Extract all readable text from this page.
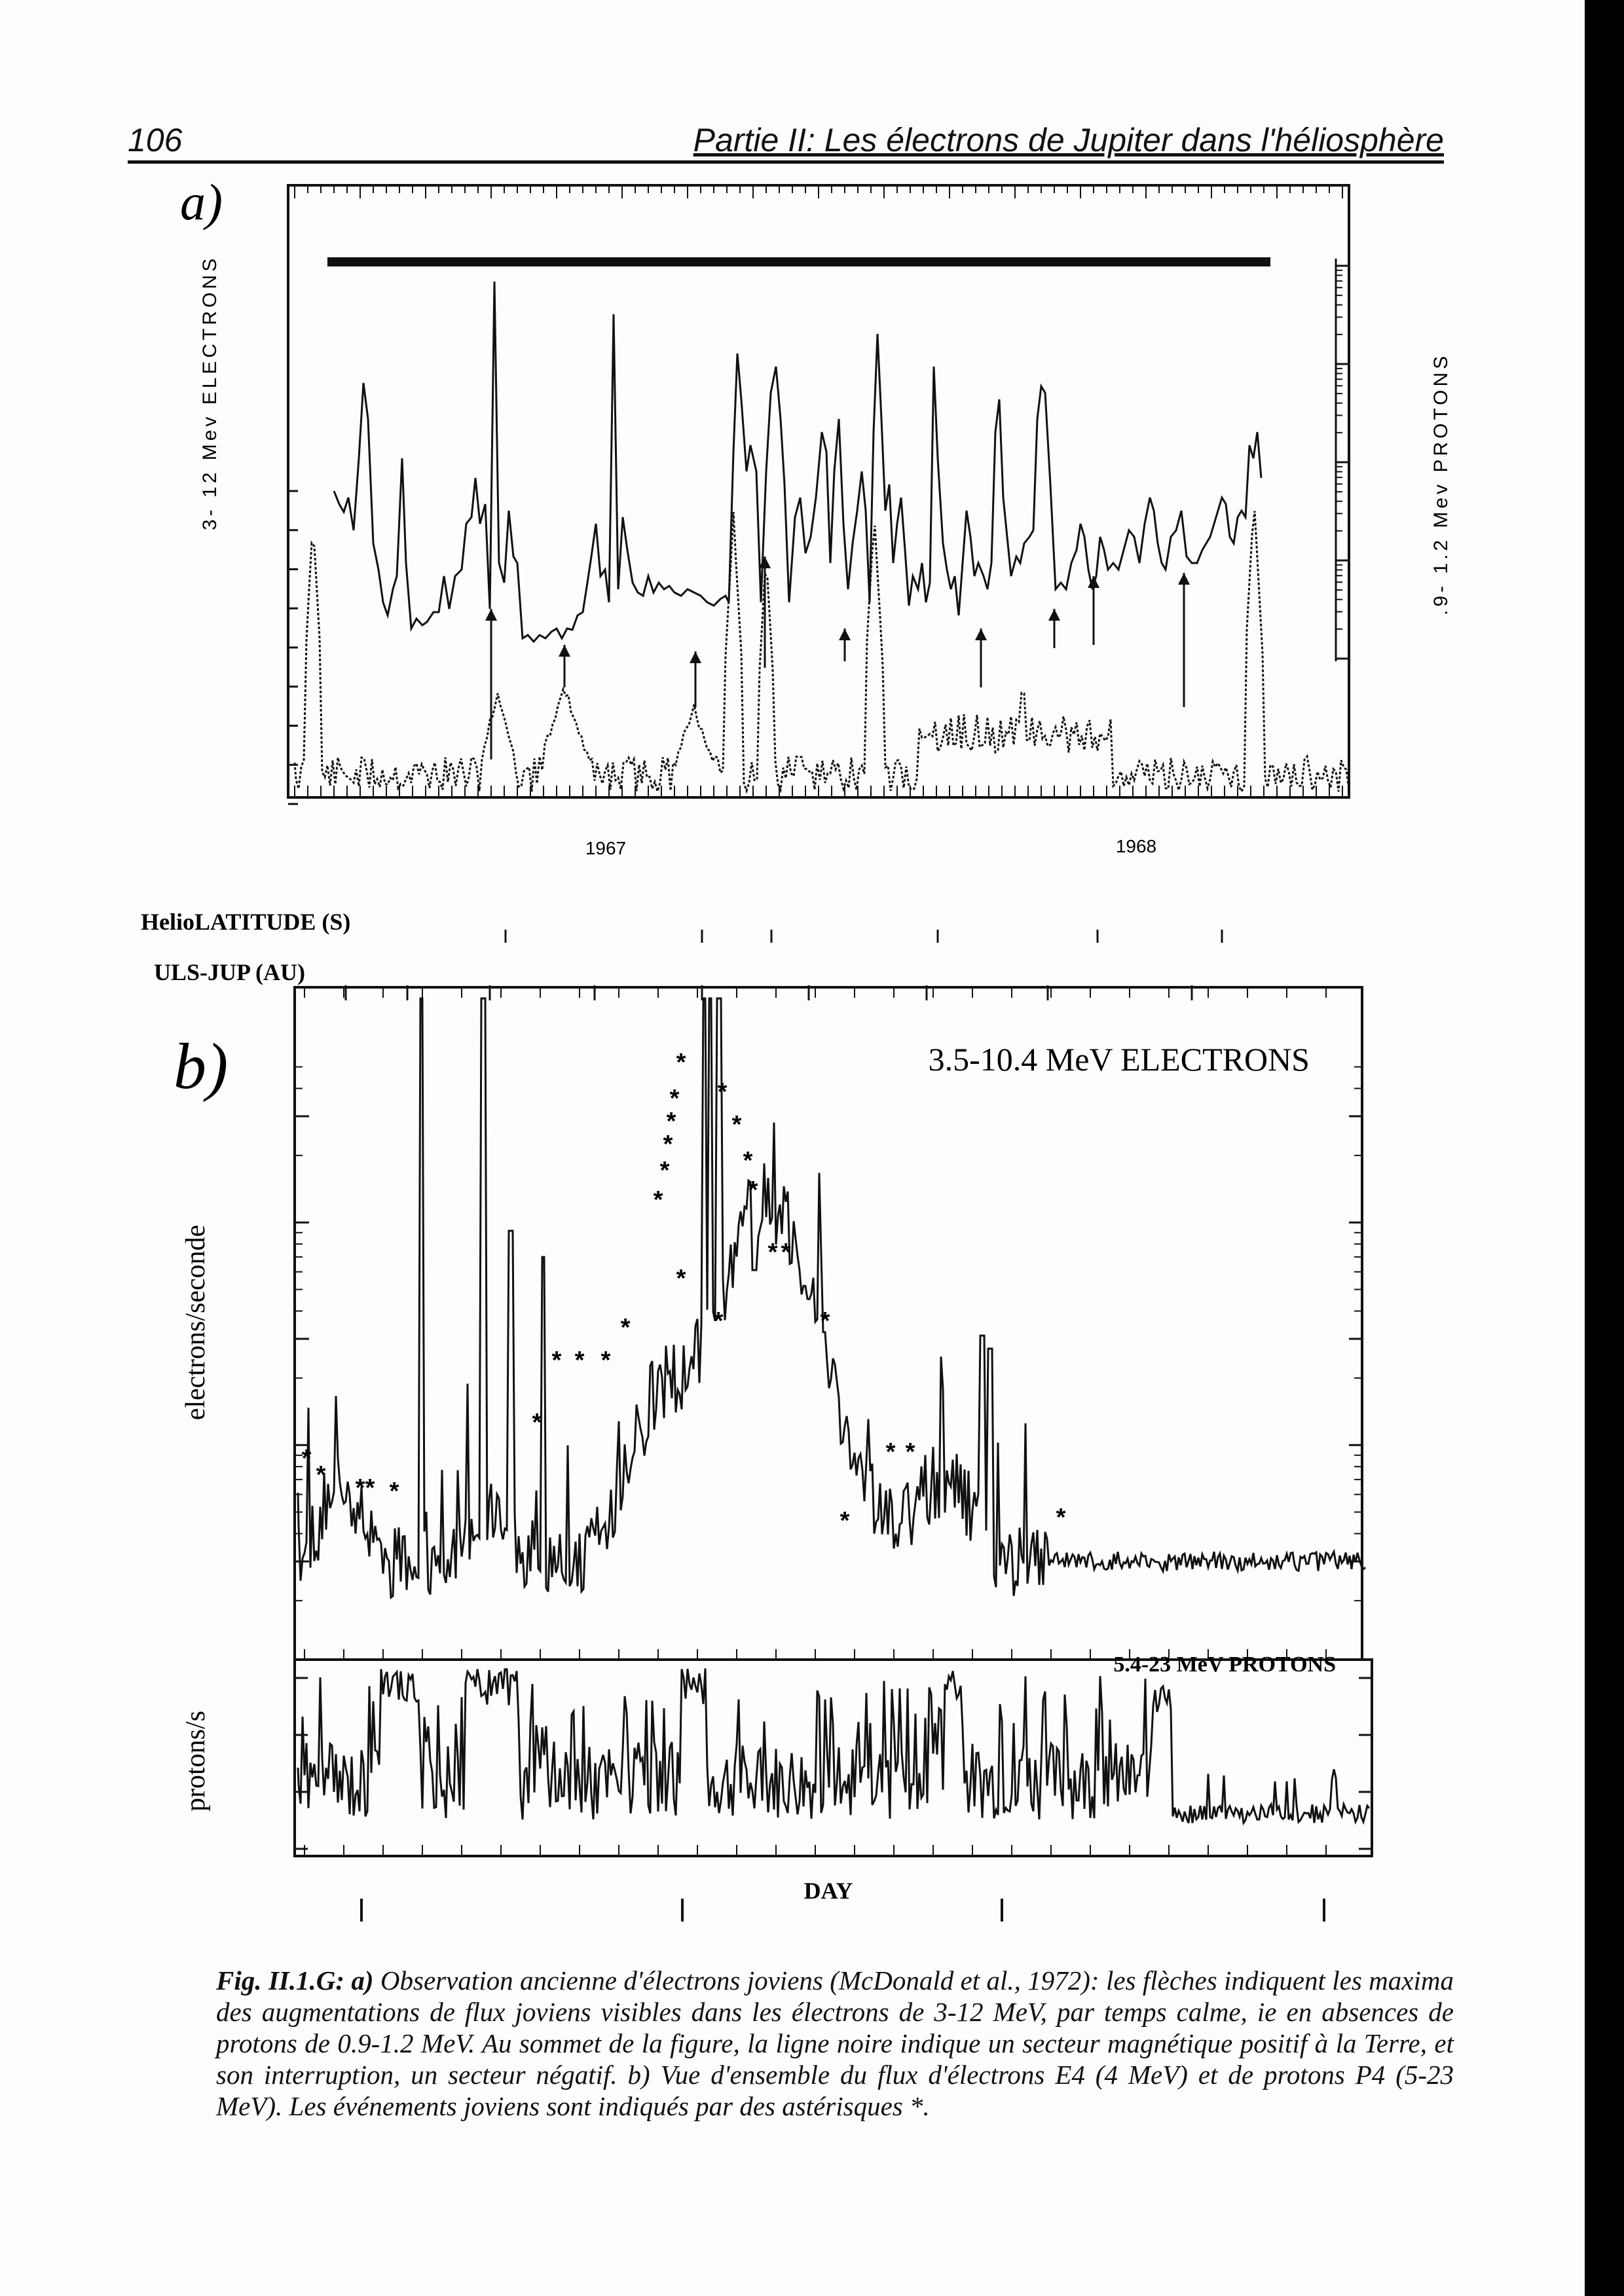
106	Partie II: Les électrons de Jupiter dans l'héliosphère
a)
3- 12 Mev ELECTRONS	.9- 1.2 Mev PROTONS
1967	1968
HelioLATITUDE (S)
ULS-JUP (AU)
b)
electrons/seconde
3.5-10.4 MeV ELECTRONS
*
* * * *
*
* * *
*
*
*
*
*
*
*
*
*
*
*
*
*
* *
*
*
* *
*
protons/s
5.4-23 MeV PROTONS
DAY

Fig. II.1.G: a) Observation ancienne d'électrons joviens (McDonald et al., 1972): les flèches indiquent les maxima des augmentations de flux joviens visibles dans les électrons de 3-12 MeV, par temps calme, ie en absences de protons de 0.9-1.2 MeV. Au sommet de la figure, la ligne noire indique un secteur magnétique positif à la Terre, et son interruption, un secteur négatif. b) Vue d'ensemble du flux d'électrons E4 (4 MeV) et de protons P4 (5-23 MeV). Les événements joviens sont indiqués par des astérisques *.
